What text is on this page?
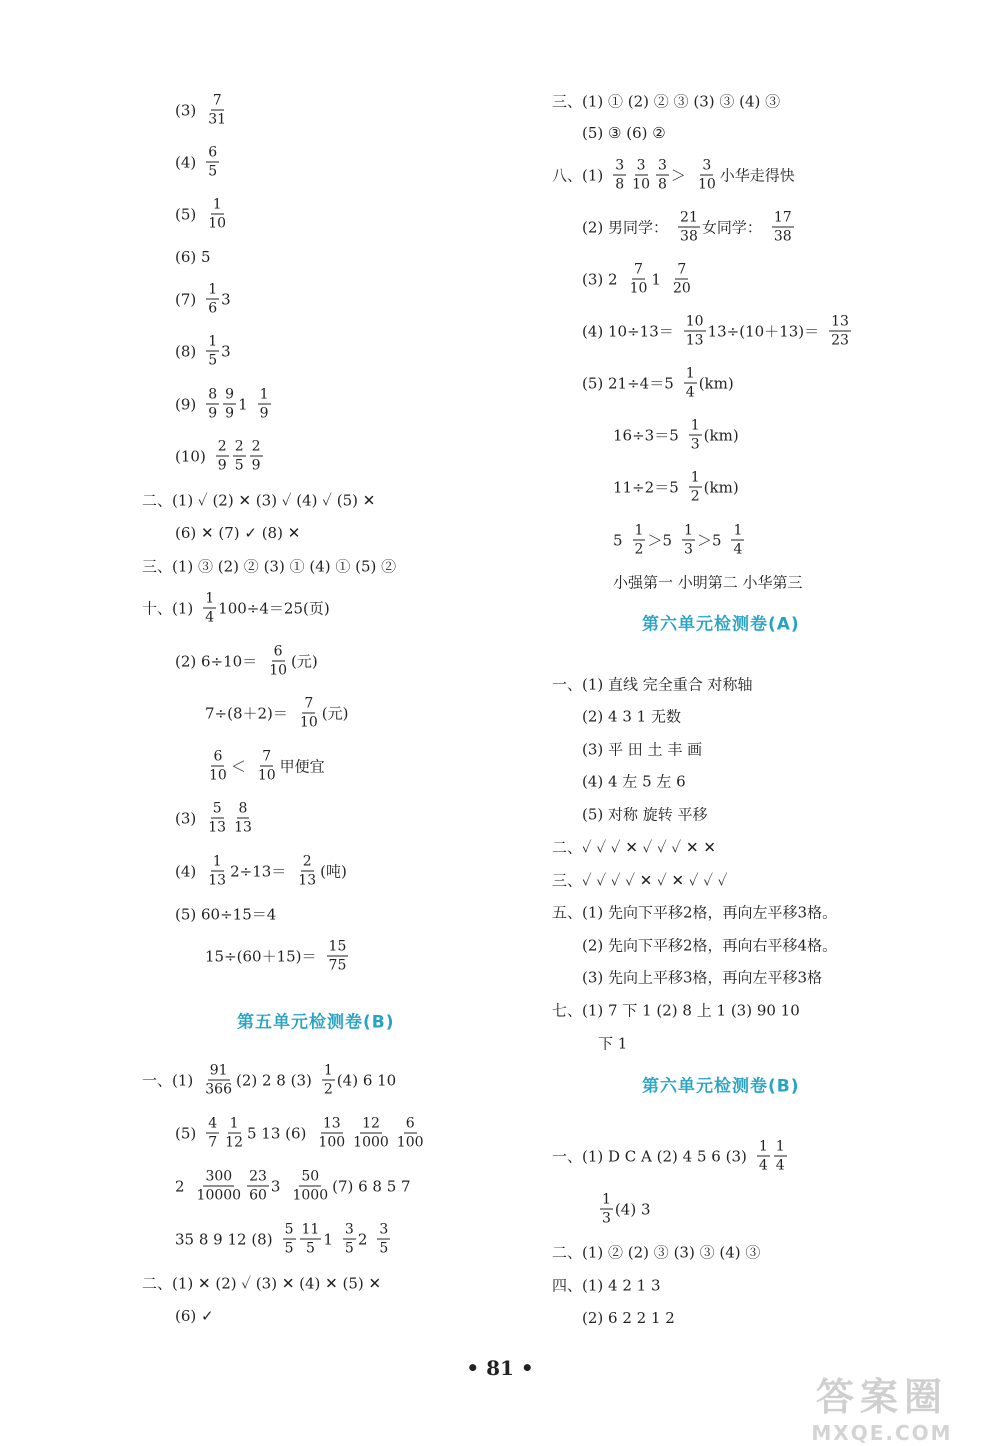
$(3) \frac{7}{31}$
$(4) \frac{6}{5}$
$(5) \frac{1}{10}$
(6) 5
$(7) \frac{1}{6} 3$
$(8) \frac{1}{5} 3$
$(9) \frac{8}{9} \frac{9}{9} 1 \frac{1}{9}$
$(10) \frac{2}{9} \frac{2}{5} \frac{2}{9}$
二、(1) ✓ (2) ✕ (3) ✓ (4) ✓ (5) ✕
(6) ✕ (7) ✓ (8) ✕
三、(1) ③ (2) ② (3) ① (4) ① (5) ②
十、$(1) \frac{1}{4} 100\div 4=25$(页)
(2) $6\div 10= \frac{6}{10}$ (元)
$7\div(8+2)= \frac{7}{10}$ (元)
$\frac{6}{10} < \frac{7}{10}$ 甲便宜
$(3) \frac{5}{13} \frac{8}{13}$
$(4) \frac{1}{13} 2\div 13= \frac{2}{13}$ (吨)
(5) 60÷15＝4
$15\div(60+15)= \frac{15}{75}$
一、$(1) \frac{91}{366} (2)$ 2 8 $(3) \frac{1}{2} (4)$ 6 10
$(5) \frac{4}{7} \frac{1}{12} 5$ 13 $(6) \frac{13}{100} \frac{12}{1000} \frac{6}{100}$
$2 \frac{300}{10000} \frac{23}{60} 3 \frac{50}{1000} (7)$ 6 8 5 7
35 8 9 12 $(8) \frac{5}{5} \frac{11}{5} 1 \frac{3}{5} 2 \frac{3}{5}$
二、(1) ✕ (2) ✓ (3) ✕ (4) ✕ (5) ✕
(6) ✓
第五单元检测卷(B)
三、(1) ① (2) ② ③ (3) ③ (4) ③
(5) ③ (6) ②
八、$(1) \frac{3}{8} \frac{3}{10} \frac{3}{8} > \frac{3}{10}$ 小华走得快
(2) 男同学： $\frac{21}{38}$ 女同学： $\frac{17}{38}$
(3) $2 \frac{7}{10} 1 \frac{7}{20}$
(4) $10\div 13= \frac{10}{13} 13\div(10+13)= \frac{13}{23}$
(5) $21\div 4=5 \frac{1}{4} (km)$
$16\div 3=5 \frac{1}{3} (km)$
$11\div 2=5 \frac{1}{2} (km)$
$5 \frac{1}{2} >5 \frac{1}{3} >5 \frac{1}{4}$
小强第一 小明第二 小华第三
一、(1) 直线 完全重合 对称轴
(2) 4 3 1 无数
(3) 平 田 土 丰 画
(4) 4 左 5 左 6
(5) 对称 旋转 平移
二、✓ ✓ ✓ ✕ ✓ ✓ ✓ ✕ ✕
三、✓ ✓ ✓ ✓ ✕ ✓ ✕ ✓ ✓ ✓
五、(1) 先向下平移2格，再向左平移3格。
(2) 先向下平移2格，再向右平移4格。
(3) 先向上平移3格，再向左平移3格
七、(1) 7 下 1 (2) 8 上 1 (3) 90 10
下 1
一、(1) D C A (2) 4 5 6 $(3) \frac{1}{4} \frac{1}{4}$
$\frac{1}{3} (4)$ 3
二、(1) ② (2) ③ (3) ③ (4) ③
四、(1) 4 2 1 3
(2) 6 2 2 1 2
第六单元检测卷(A)
第六单元检测卷(B)
• 81 •
答案圈
MXQE.COM
